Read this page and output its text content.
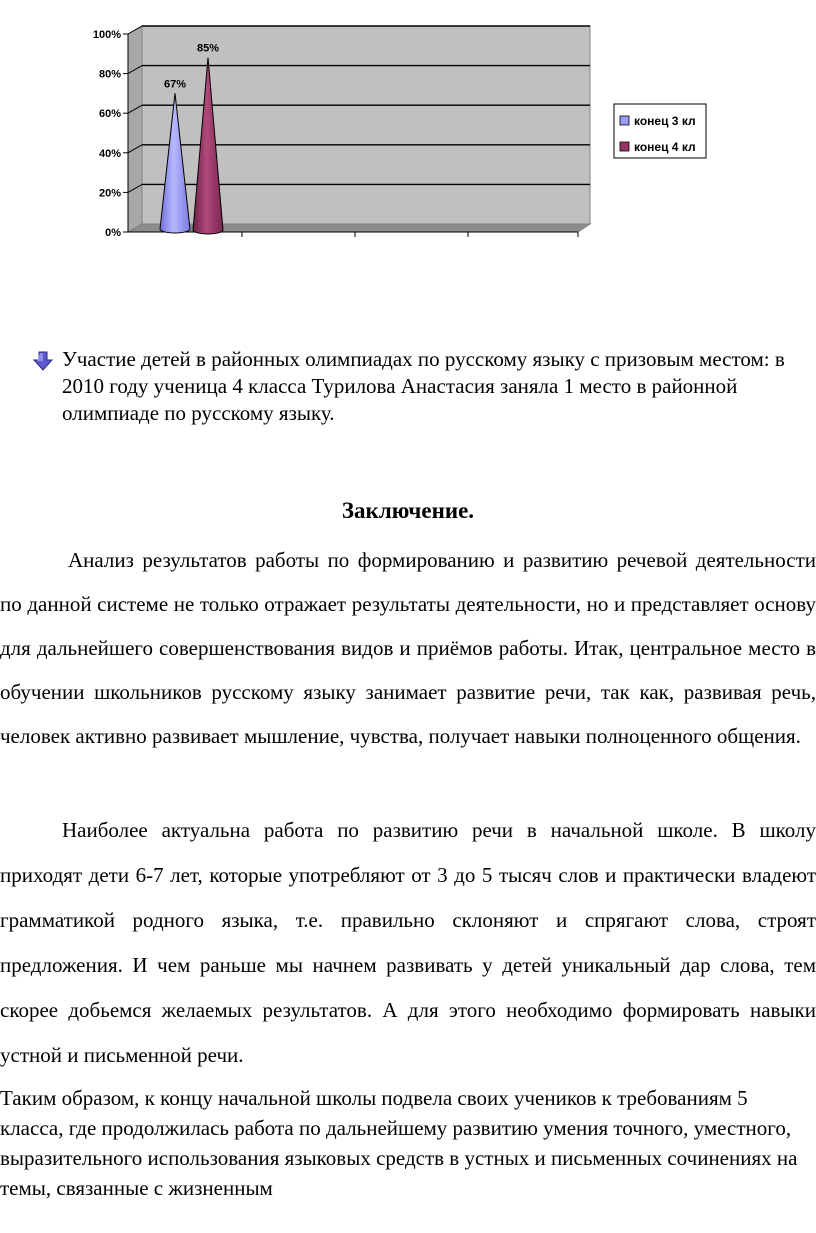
0%
20%
40%
60%
80%
100%
67%
85%
конец 3 кл
конец 4 кл
Участие детей в районных олимпиадах по русскому языку с призовым местом: в 2010 году ученица 4 класса Турилова Анастасия заняла 1 место в районной олимпиаде по русскому языку.
Заключение.

Анализ результатов работы по формированию и развитию речевой деятельности по данной системе не только отражает результаты деятельности, но и представляет основу для дальнейшего совершенствования видов и приёмов работы. Итак, центральное место в обучении школьников русскому языку занимает развитие речи, так как, развивая речь, человек активно развивает мышление, чувства, получает навыки полноценного общения.

Наиболее актуальна работа по развитию речи в начальной школе. В школу приходят дети 6-7 лет, которые употребляют от 3 до 5 тысяч слов и практически владеют грамматикой родного языка, т.е. правильно склоняют и спрягают слова, строят предложения. И чем раньше мы начнем развивать у детей уникальный дар слова, тем скорее добьемся желаемых результатов. А для этого необходимо формировать навыки устной и письменной речи.

Таким образом, к концу начальной школы подвела своих учеников к требованиям 5 класса, где продолжилась работа по дальнейшему развитию умения точного, уместного, выразительного использования языковых средств в устных и письменных сочинениях на темы, связанные с жизненным
